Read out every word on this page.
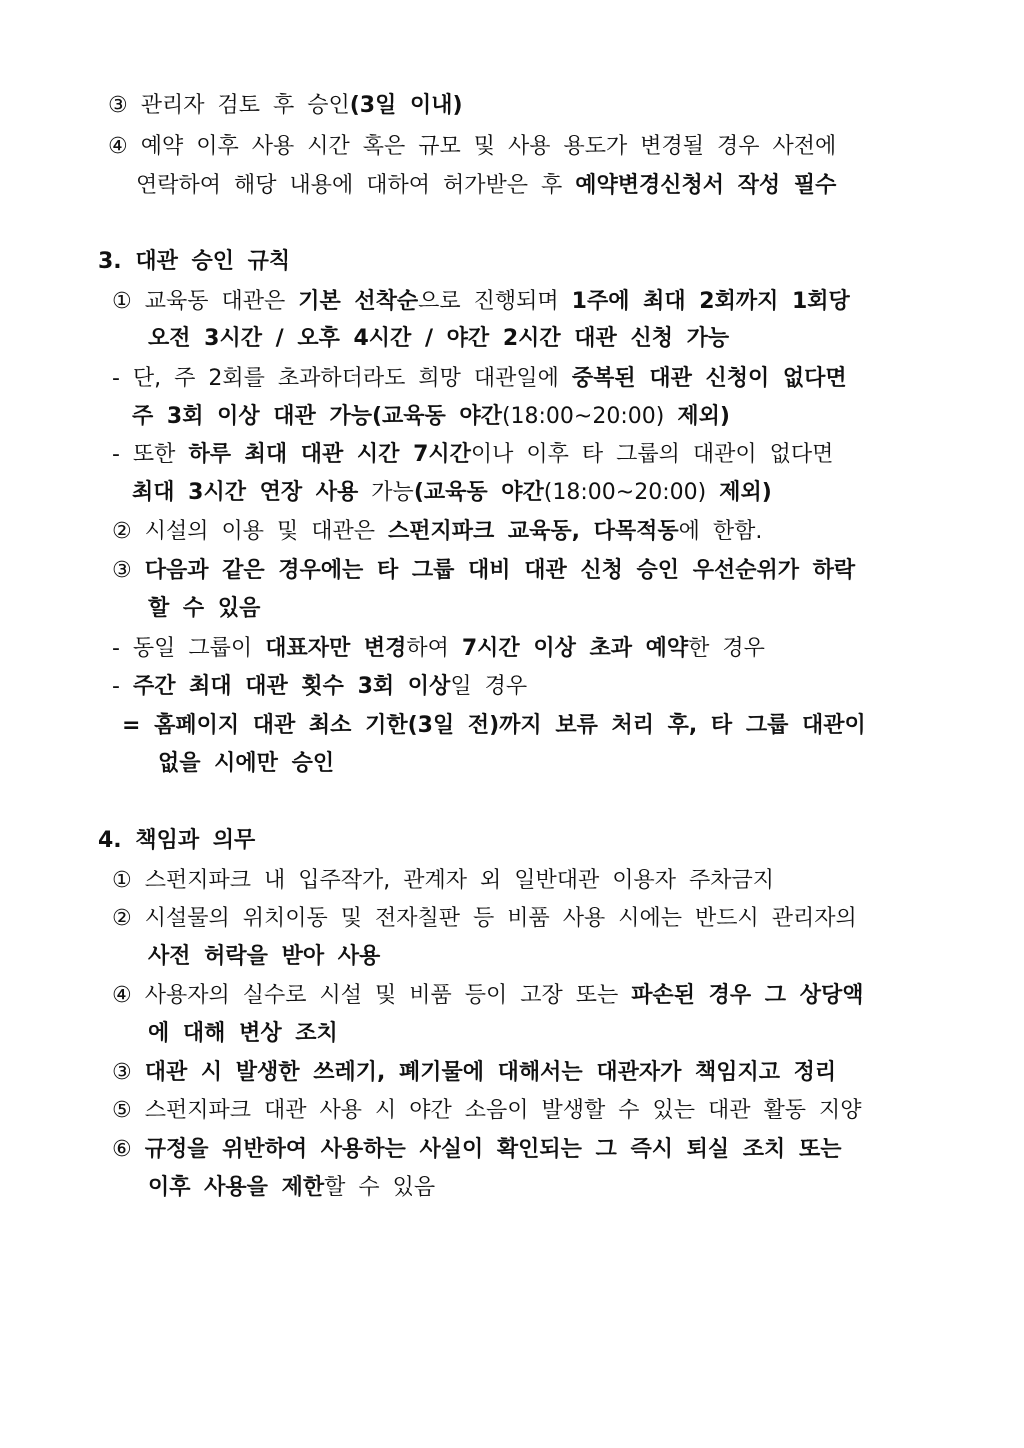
③ 관리자 검토 후 승인(3일 이내)
④ 예약 이후 사용 시간 혹은 규모 및 사용 용도가 변경될 경우 사전에
연락하여 해당 내용에 대하여 허가받은 후 예약변경신청서 작성 필수
3. 대관 승인 규칙
① 교육동 대관은 기본 선착순으로 진행되며 1주에 최대 2회까지 1회당
오전 3시간 / 오후 4시간 / 야간 2시간 대관 신청 가능
- 단, 주 2회를 초과하더라도 희망 대관일에 중복된 대관 신청이 없다면
주 3회 이상 대관 가능(교육동 야간(18:00~20:00) 제외)
- 또한 하루 최대 대관 시간 7시간이나 이후 타 그룹의 대관이 없다면
최대 3시간 연장 사용 가능(교육동 야간(18:00~20:00) 제외)
② 시설의 이용 및 대관은 스펀지파크 교육동, 다목적동에 한함.
③ 다음과 같은 경우에는 타 그룹 대비 대관 신청 승인 우선순위가 하락
할 수 있음
- 동일 그룹이 대표자만 변경하여 7시간 이상 초과 예약한 경우
- 주간 최대 대관 횟수 3회 이상일 경우
= 홈페이지 대관 최소 기한(3일 전)까지 보류 처리 후, 타 그룹 대관이
없을 시에만 승인
4. 책임과 의무
① 스펀지파크 내 입주작가, 관계자 외 일반대관 이용자 주차금지
② 시설물의 위치이동 및 전자칠판 등 비품 사용 시에는 반드시 관리자의
사전 허락을 받아 사용
④ 사용자의 실수로 시설 및 비품 등이 고장 또는 파손된 경우 그 상당액
에 대해 변상 조치
③ 대관 시 발생한 쓰레기, 폐기물에 대해서는 대관자가 책임지고 정리
⑤ 스펀지파크 대관 사용 시 야간 소음이 발생할 수 있는 대관 활동 지양
⑥ 규정을 위반하여 사용하는 사실이 확인되는 그 즉시 퇴실 조치 또는
이후 사용을 제한할 수 있음
